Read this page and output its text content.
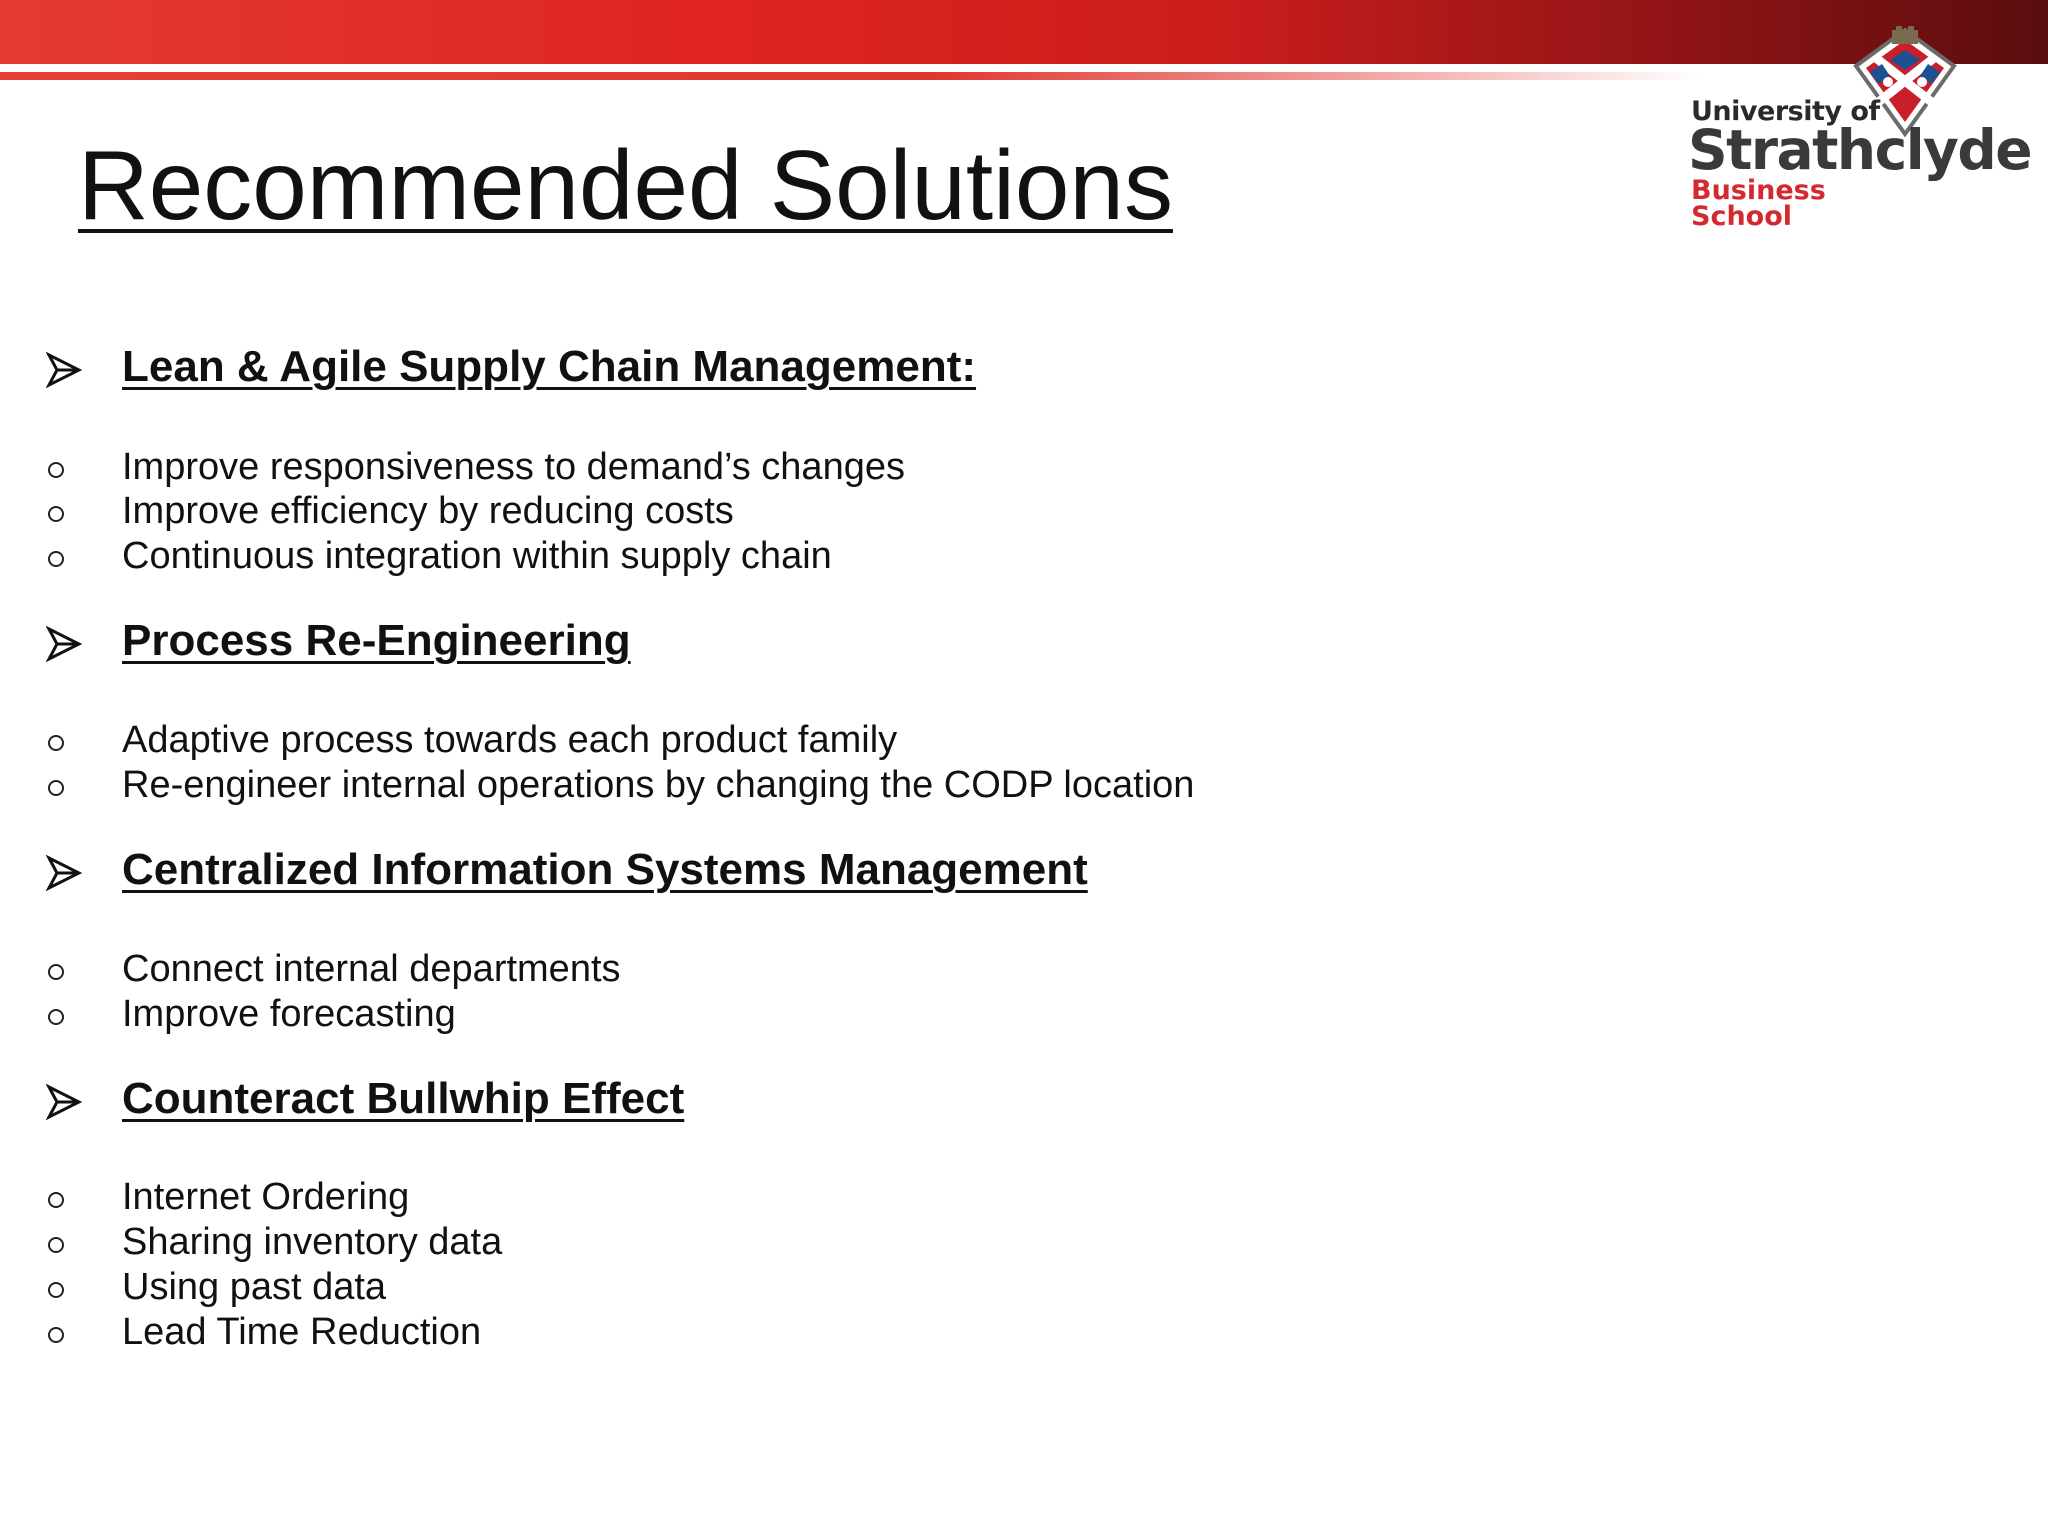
Recommended Solutions
University of
Strathclyde
Business
School
Lean & Agile Supply Chain Management:
Improve responsiveness to demand’s changes
Improve efficiency by reducing costs
Continuous integration within supply chain
Process Re-Engineering
Adaptive process towards each product family
Re-engineer internal operations by changing the CODP location
Centralized Information Systems Management
Connect internal departments
Improve forecasting
Counteract Bullwhip Effect
Internet Ordering
Sharing inventory data
Using past data
Lead Time Reduction
